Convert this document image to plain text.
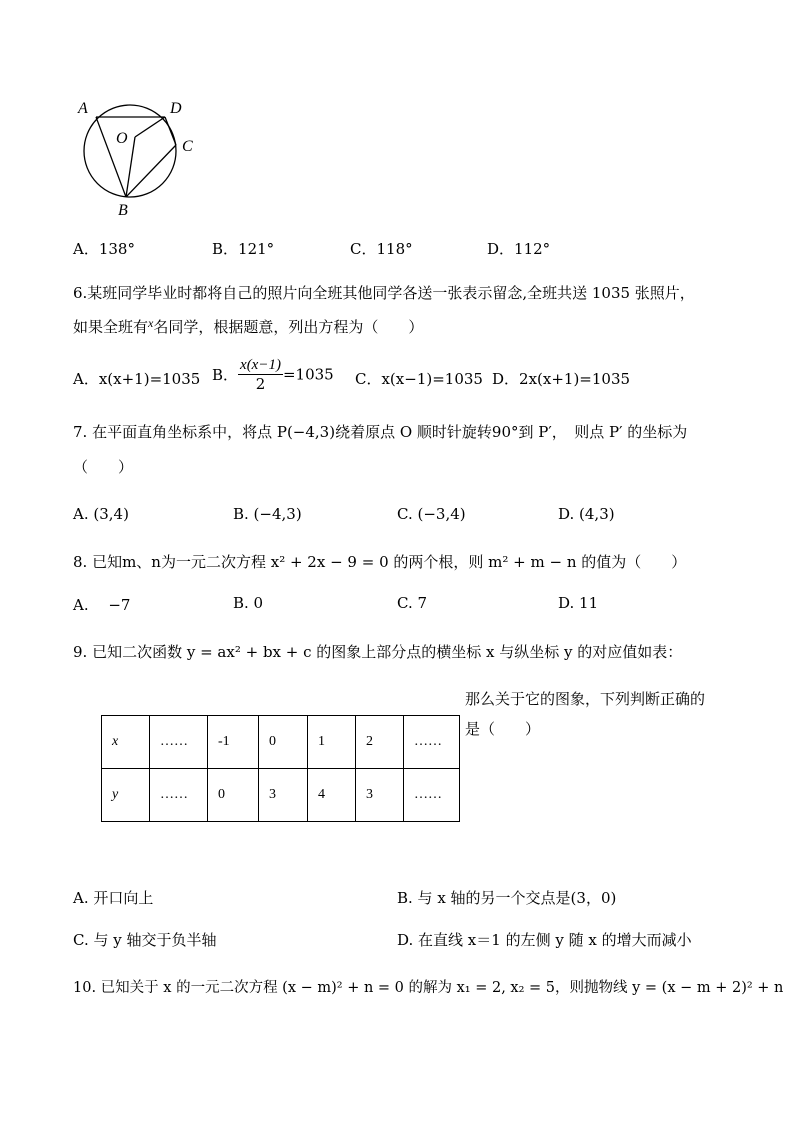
A	D
O	C
B
A．138°	B．121°	C．118°	D．112°
6.某班同学毕业时都将自己的照片向全班其他同学各送一张表示留念,全班共送 1035 张照片，
如果全班有$^x$名同学，根据题意，列出方程为（　　）
A．x(x+1)=1035 B． $\frac{x(x-1)}{2} =1035$ C．x(x−1)=1035 D．2x(x+1)=1035
7. 在平面直角坐标系中，将点 P(−4,3)绕着原点 O 顺时针旋转90°到 P′，　则点 P′ 的坐标为
（　　）
A. (3,4)	B. (−4,3)	C. (−3,4)	D. (4,3)
8. 已知m、n为一元二次方程 x² + 2x − 9 = 0 的两个根，则 m² + m − n 的值为（　　）
A.　 −7	B. 0	C. 7	D. 11
9. 已知二次函数 y = ax² + bx + c 的图象上部分点的横坐标 x 与纵坐标 y 的对应值如表：
那么关于它的图象，下列判断正确的
是（　　）
x	……	-1	0	1	2	……
y	……	0	3	4	3	……
A. 开口向上	B. 与 x 轴的另一个交点是(3，0)
C. 与 y 轴交于负半轴	D. 在直线 x＝1 的左侧 y 随 x 的增大而减小
10. 已知关于 x 的一元二次方程 (x − m)² + n = 0 的解为 x₁ = 2, x₂ = 5，则抛物线 y = (x − m + 2)² + n
